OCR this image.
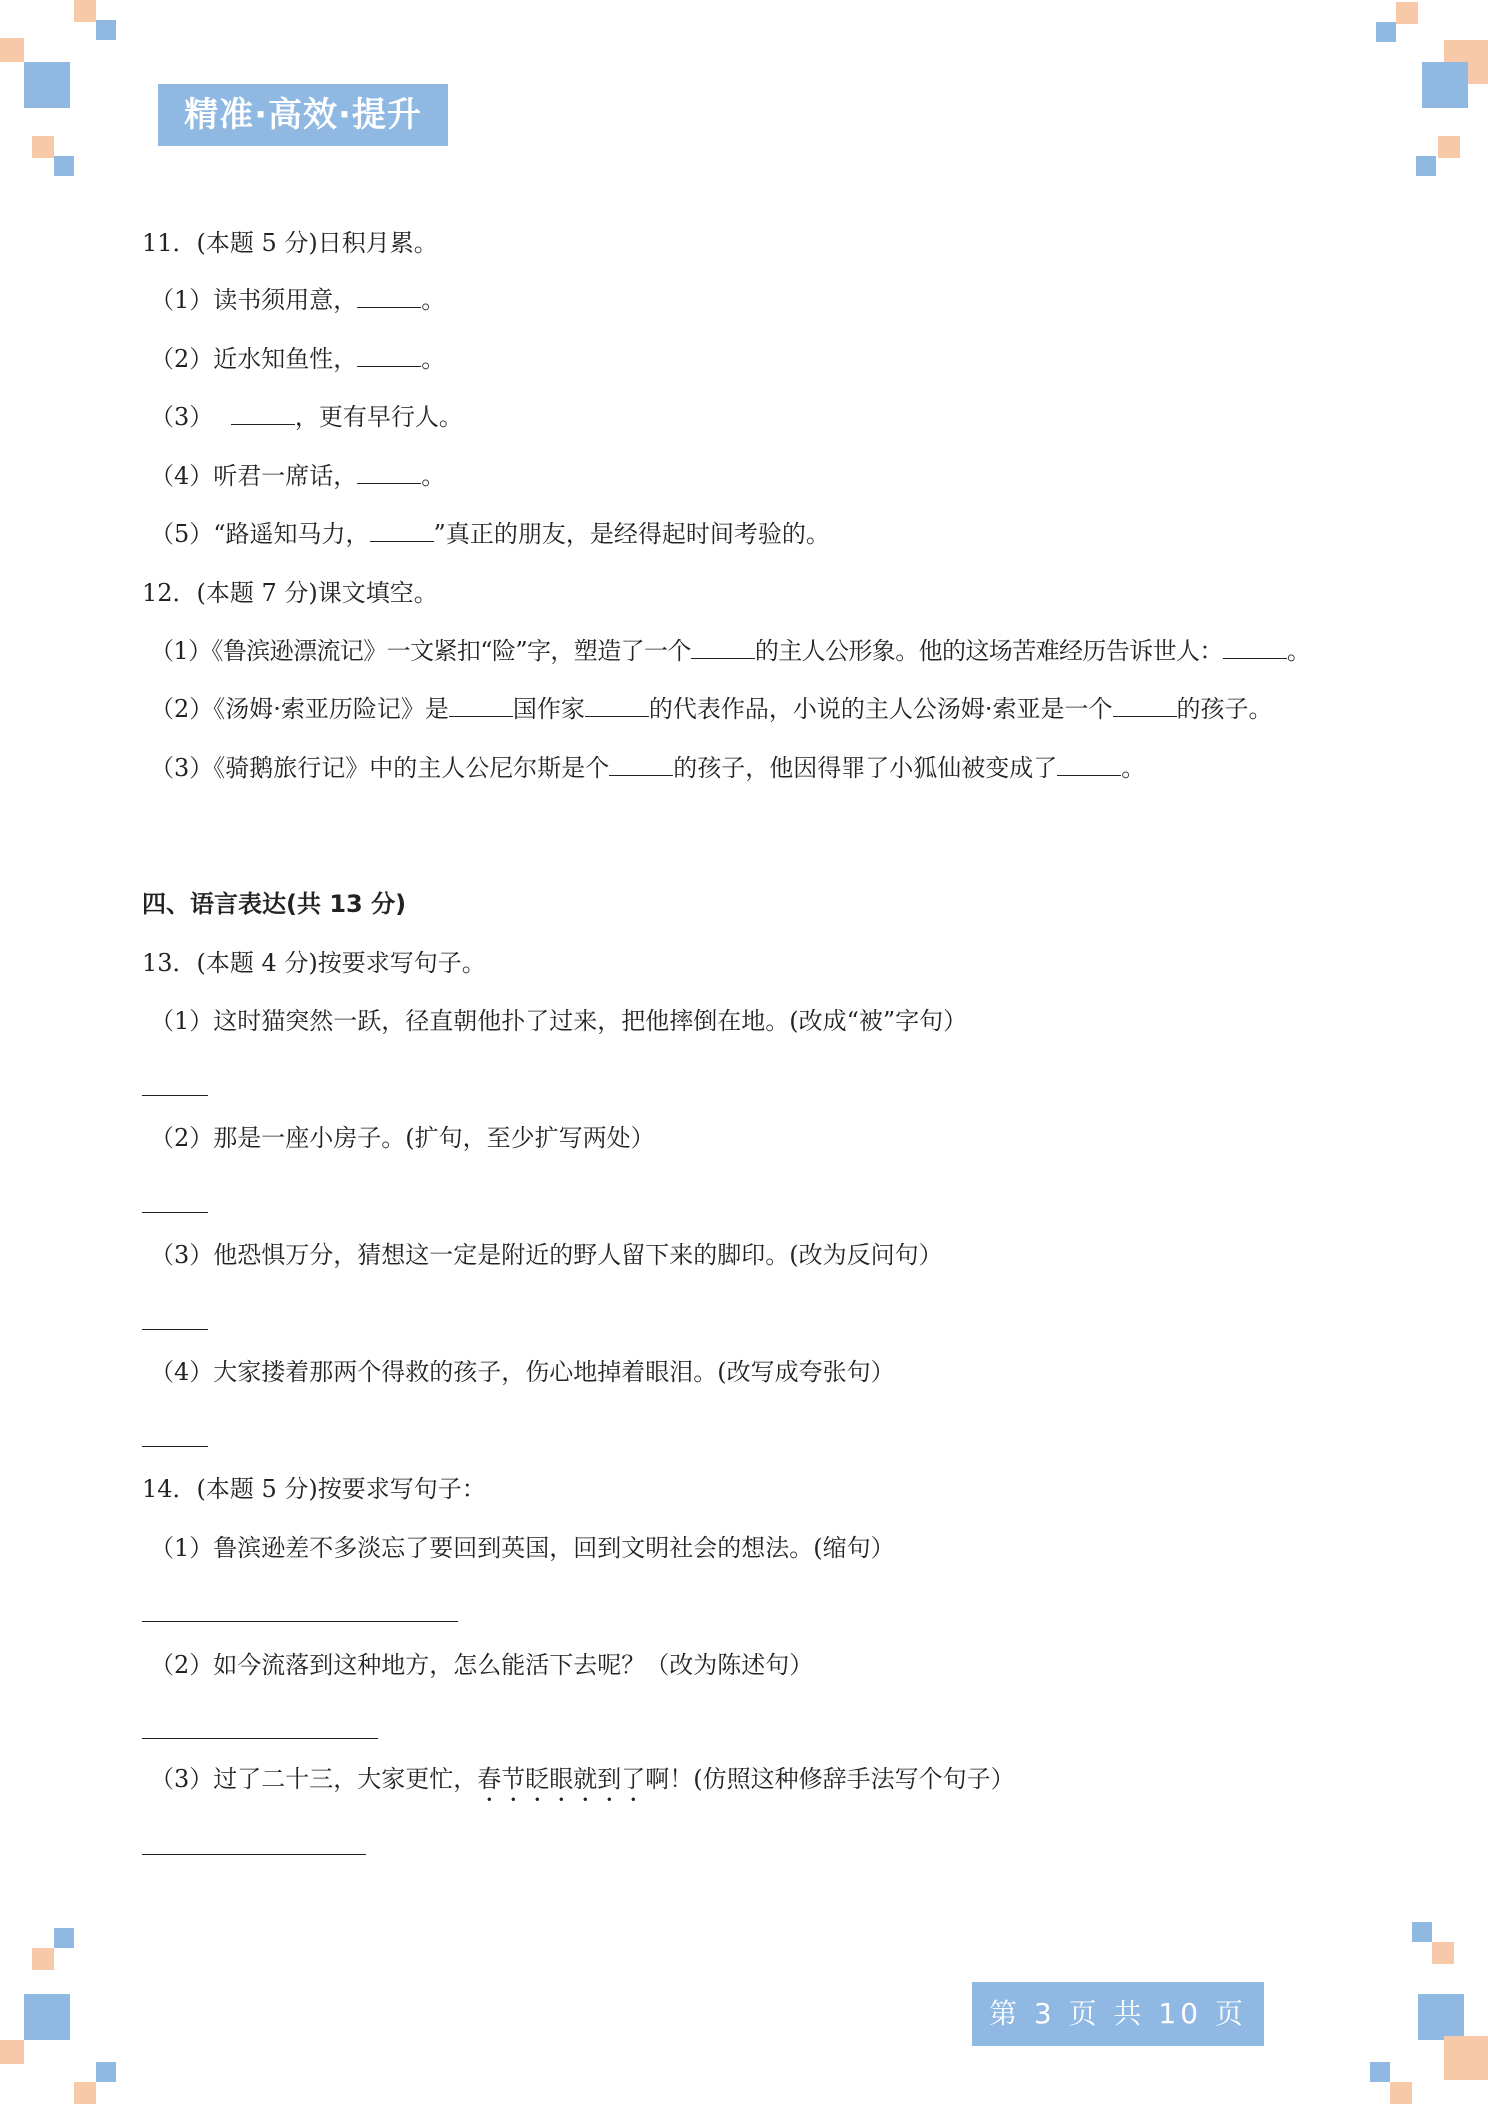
精准·高效·提升
11．(本题 5 分)日积月累。
（1）读书须用意，	。
（2）近水知鱼性，	。
（3）	，更有早行人。
（4）听君一席话，	。
（5）“路遥知马力，	”真正的朋友，是经得起时间考验的。
12．(本题 7 分)课文填空。
（1）《鲁滨逊漂流记》一文紧扣“险”字，塑造了一个	的主人公形象。他的这场苦难经历告诉世人：	。
（2）《汤姆·索亚历险记》是	国作家	的代表作品，小说的主人公汤姆·索亚是一个	的孩子。
（3）《骑鹅旅行记》中的主人公尼尔斯是个	的孩子，他因得罪了小狐仙被变成了	。
四、语言表达(共 13 分)
13．(本题 4 分)按要求写句子。
（1）这时猫突然一跃，径直朝他扑了过来，把他摔倒在地。(改成“被”字句）
（2）那是一座小房子。(扩句，至少扩写两处）
（3）他恐惧万分，猜想这一定是附近的野人留下来的脚印。(改为反问句）
（4）大家搂着那两个得救的孩子，伤心地掉着眼泪。(改写成夸张句）
14．(本题 5 分)按要求写句子：
（1）鲁滨逊差不多淡忘了要回到英国，回到文明社会的想法。(缩句）
（2）如今流落到这种地方，怎么能活下去呢？（改为陈述句）
（3）过了二十三，大家更忙，春节眨眼就到了啊！(仿照这种修辞手法写个句子）
第 3 页 共 10 页
